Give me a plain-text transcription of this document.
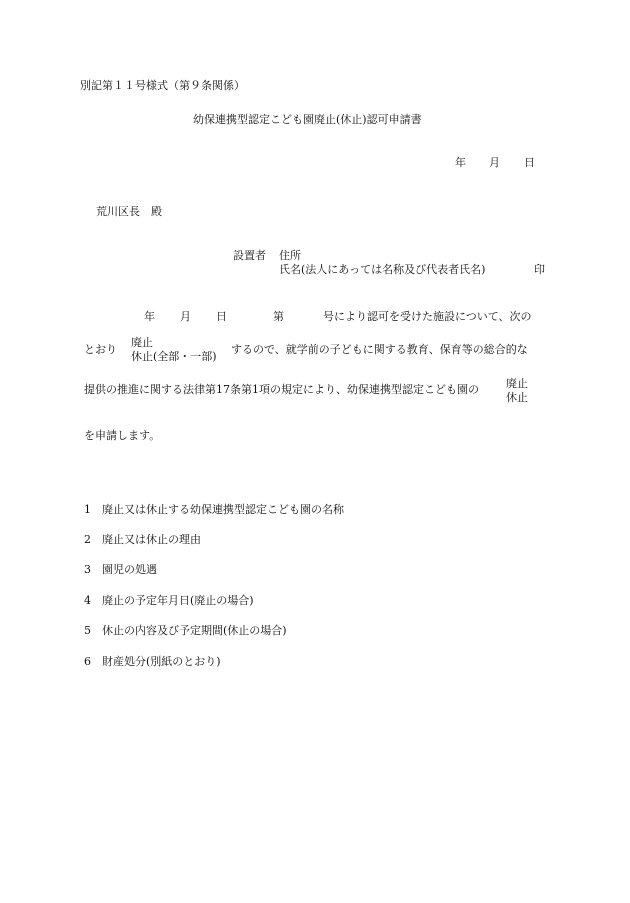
別記第１１号様式（第９条関係）
幼保連携型認定こども園廃止(休止)認可申請書
年 月 日
荒川区長　殿
設置者 住所
氏名(法人にあっては名称及び代表者氏名)	印
年 月 日	第	号により認可を受けた施設について、次の
とおり
廃止
休止(全部・一部)
するので、就学前の子どもに関する教育、保育等の総合的な
提供の推進に関する法律第17条第1項の規定により、幼保連携型認定こども園の 廃止
休止
を申請します。
1 廃止又は休止する幼保連携型認定こども園の名称
2 廃止又は休止の理由
3 園児の処遇
4 廃止の予定年月日(廃止の場合)
5 休止の内容及び予定期間(休止の場合)
6 財産処分(別紙のとおり)
